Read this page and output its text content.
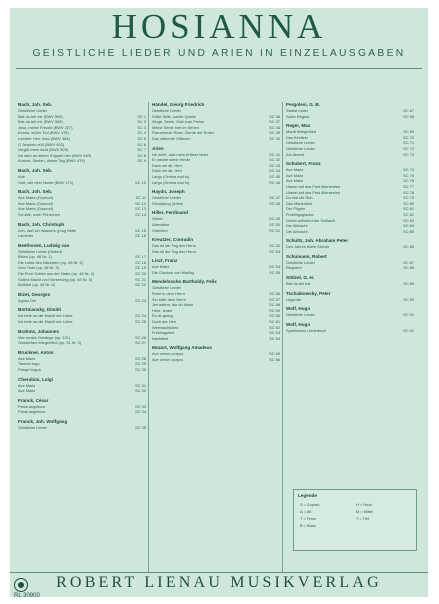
HOSIANNA
GEISTLICHE LIEDER UND ARIEN IN EINZELAUSGABEN
Bach, Joh. Seb.
Geistliche Lieder
Bist du bei mir (BWV 508)	SC 1
Bist du bei mir (BWV 508)	SC 2
Jesu, meine Freude (BWV 227)	SC 3
Komm, süßer Tod (BWV 478)	SC 4
Liebster Herr Jesu (BWV 484)	SC 5
O Jesulein süß (BWV 493)	SC 6
Vergiß mein nicht (BWV 505)	SC 7
Ich steh an deiner Krippen hier (BWV 469)	SC 8
Kommt, Seelen, dieser Tag (BWV 479)	SC 9
Bach, Joh. Seb.
Arie
Gott, wie dein Name (BWV 171)	SC 10
Bach, Joh. Seb.
Ave Maria (Gounod)	SC 11
Ave Maria (Gounod)	SC 12
Ave Maria (Gounod)	SC 13
Schlafe, mein Prinzchen	SC 14
Bach, Joh. Christoph
Ach, daß ich Wassers g'nug hätte	SC 15
Lamento	SC 16
Beethoven, Ludwig van
Geistliche Lieder (Gellert)
Bitten (op. 48 Nr. 1)	SC 17
Die Liebe des Nächsten (op. 48 Nr. 2)	SC 18
Vom Tode (op. 48 Nr. 3)	SC 19
Die Ehre Gottes aus der Natur (op. 48 Nr. 4)	SC 20
Gottes Macht und Vorsehung (op. 48 Nr. 5)	SC 21
Bußlied (op. 48 Nr. 6)	SC 22
Bizet, Georges
Agnus Dei	SC 23
Bortniansky, Dimitri
Ich bete an die Macht der Liebe	SC 24
Ich bete an die Macht der Liebe	SC 25
Brahms, Johannes
Vier ernste Gesänge (op. 121)	SC 26
Geistliches Wiegenlied (op. 91 Nr. 2)	SC 27
Bruckner, Anton
Ave Maria	SC 28
Tantum ergo	SC 29
Pange lingua	SC 30
Cherubini, Luigi
Ave Maria	SC 31
Ave Maria	SC 32
Franck, César
Panis angelicus	SC 33
Panis angelicus	SC 34
Franck, Joh. Wolfgang
Geistliche Lieder	SC 35
Händel, Georg Friedrich
Geistliche Lieder
Süße Stille, sanfte Quelle	SC 36
Singe, Seele, Gott zum Preise	SC 37
Meine Seele hört im Sehen	SC 38
Flammende Rose, Zierde der Erden	SC 39
Das zitternde Glänzen	SC 40
Arien
Ich weiß, daß mein Erlöser lebet	SC 41
Er weidet seine Herde	SC 42
Dank sei dir, Herr	SC 43
Dank sei dir, Herr	SC 44
Largo (Ombra mai fu)	SC 45
Largo (Ombra mai fu)	SC 46
Haydn, Joseph
Geistliche Lieder	SC 47
Schöpfung (Arien)	SC 48
Hiller, Ferdinand
Gebet	SC 49
Abendlied	SC 50
Osterlied	SC 51
Kreutzer, Conradin
Das ist der Tag des Herrn	SC 52
Das ist der Tag des Herrn	SC 53
Liszt, Franz
Ave Maria	SC 54
Die Glocken von Marling	SC 55
Mendelssohn Bartholdy, Felix
Geistliche Lieder
Ruhe in dem Herrn	SC 56
Sei stille dem Herrn	SC 57
Jerusalem, die du tötest	SC 58
Höre, Israel	SC 59
Es ist genug	SC 60
Doch der Herr	SC 61
Weihnachtslied	SC 62
Frühlingslied	SC 63
Nachtlied	SC 64
Mozart, Wolfgang Amadeus
Ave verum corpus	SC 65
Ave verum corpus	SC 66
Pergolesi, G. B.
Stabat mater	SC 67
Salve Regina	SC 68
Reger, Max
Mariä Wiegenlied	SC 69
Das Kindlein	SC 70
Geistliche Lieder	SC 71
Geistliche Lieder	SC 72
Am Abend	SC 73
Schubert, Franz
Ave Maria	SC 74
Ave Maria	SC 75
Ave Maria	SC 76
Litanei auf das Fest Allerseelen	SC 77
Litanei auf das Fest Allerseelen	SC 78
Du bist die Ruh	SC 79
Das Marienbild	SC 80
Der Pilgrim	SC 81
Frühlingsglaube	SC 82
Gebet während der Schlacht	SC 83
Die Allmacht	SC 84
Die Allmacht	SC 85
Schultz, Joh. Abraham Peter
Des Jahres letzte Stunde	SC 86
Schumann, Robert
Geistliche Lieder	SC 87
Requiem	SC 88
Stölzel, G. H.
Bist du bei mir	SC 89
Tschaikowsky, Peter
Legende	SC 90
Wolf, Hugo
Geistliche Lieder	SC 91
Wolf, Hugo
Spanisches Liederbuch	SC 92
Legende
S = Sopran
A = Alt
T = Tenor
B = Bass
H = Hoch
M = Mittel
T = Tief
ROBERT LIENAU MUSIKVERLAG
RL 30900
